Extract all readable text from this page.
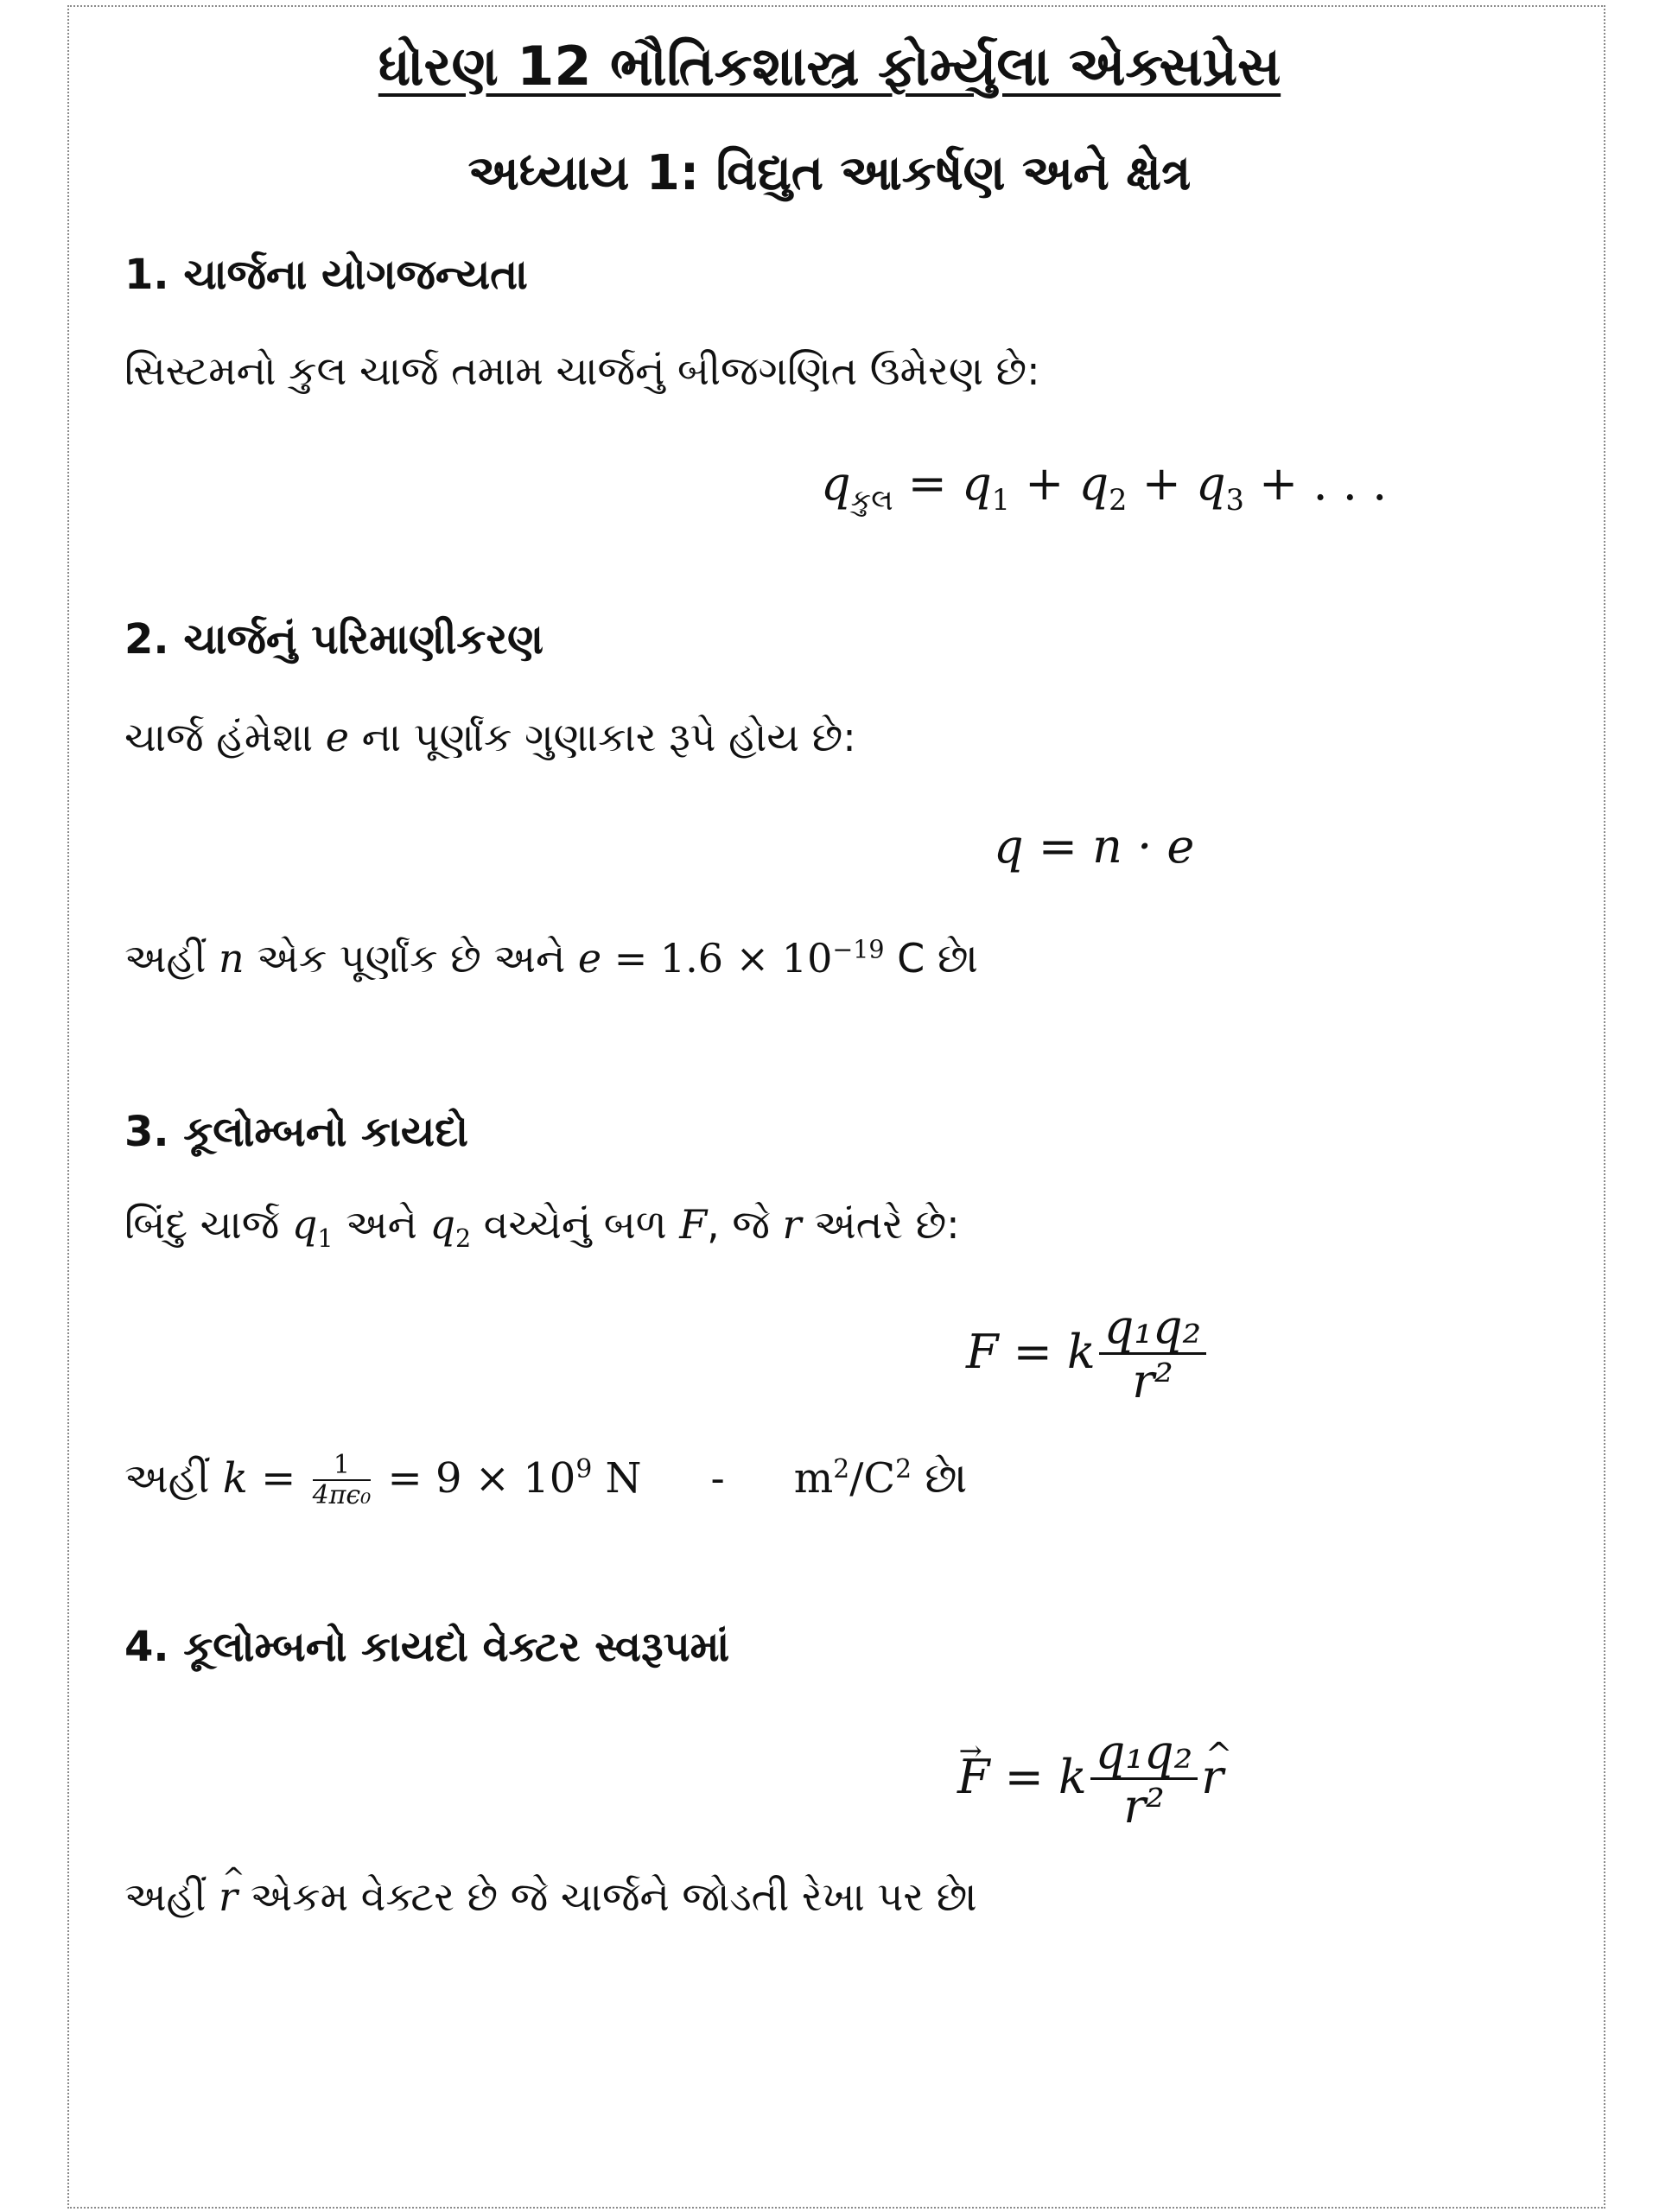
ધોરણ 12 ભૌતિકશાસ્ત્ર ફોર્મ્યુલા એક્સપ્રેસ
અધ્યાય 1: વિદ્યુત આકર્ષણ અને ક્ષેત્ર
1. ચાર્જના યોગજન્યતા
સિસ્ટમનો કુલ ચાર્જ તમામ ચાર્જનું બીજગણિત ઉમેરણ છે:
$q_{કુલ} = q_1 + q_2 + q_3$ + . . .
2. ચાર્જનું પરિમાણીકરણ
ચાર્જ હંમેશા e ના પૂર્ણાંક ગુણાકાર રૂપે હોય છે:
q = n · e
અહીં n એક પૂર્ણાંક છે અને $e = 1.6 \times 10^{-19}$ C છે।
3. કૂલોમ્બનો કાયદો
બિંદુ ચાર્જ $q_1$ અને $q_2$ વચ્ચેનું બળ F, જે r અંતરે છે:
F = k $\frac{\text{q₁q₂}}{\text{r²}}$
અહીં $k = \frac{1}{\text{4πϵ₀}} = 9 \times 10^9$ N - $m^2/C^2$ છે।
4. કૂલોમ્બનો કાયદો વેક્ટર સ્વરૂપમાં
→ F = k $\frac{\text{q₁q₂}}{\text{r²}}$
^ r
અહીં ^ r એકમ વેક્ટર છે જે ચાર્જને જોડતી રેખા પર છે।
